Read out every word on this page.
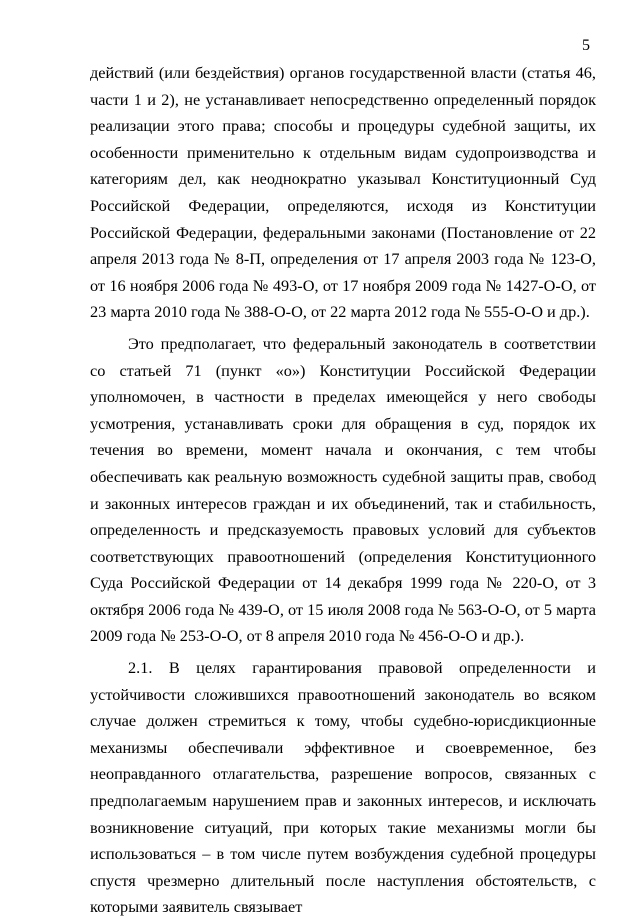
5

действий (или бездействия) органов государственной власти (статья 46, части 1 и 2), не устанавливает непосредственно определенный порядок реализации этого права; способы и процедуры судебной защиты, их особенности применительно к отдельным видам судопроизводства и категориям дел, как неоднократно указывал Конституционный Суд Российской Федерации, определяются, исходя из Конституции Российской Федерации, федеральными законами (Постановление от 22 апреля 2013 года № 8-П, определения от 17 апреля 2003 года № 123-О, от 16 ноября 2006 года № 493-О, от 17 ноября 2009 года № 1427-О-О, от 23 марта 2010 года № 388-О-О, от 22 марта 2012 года № 555-О-О и др.).

Это предполагает, что федеральный законодатель в соответствии со статьей 71 (пункт «о») Конституции Российской Федерации уполномочен, в частности в пределах имеющейся у него свободы усмотрения, устанавливать сроки для обращения в суд, порядок их течения во времени, момент начала и окончания, с тем чтобы обеспечивать как реальную возможность судебной защиты прав, свобод и законных интересов граждан и их объединений, так и стабильность, определенность и предсказуемость правовых условий для субъектов соответствующих правоотношений (определения Конституционного Суда Российской Федерации от 14 декабря 1999 года № 220-О, от 3 октября 2006 года № 439-О, от 15 июля 2008 года № 563-О-О, от 5 марта 2009 года № 253-О-О, от 8 апреля 2010 года № 456-О-О и др.).

2.1. В целях гарантирования правовой определенности и устойчивости сложившихся правоотношений законодатель во всяком случае должен стремиться к тому, чтобы судебно-юрисдикционные механизмы обеспечивали эффективное и своевременное, без неоправданного отлагательства, разрешение вопросов, связанных с предполагаемым нарушением прав и законных интересов, и исключать возникновение ситуаций, при которых такие механизмы могли бы использоваться – в том числе путем возбуждения судебной процедуры спустя чрезмерно длительный после наступления обстоятельств, с которыми заявитель связывает
